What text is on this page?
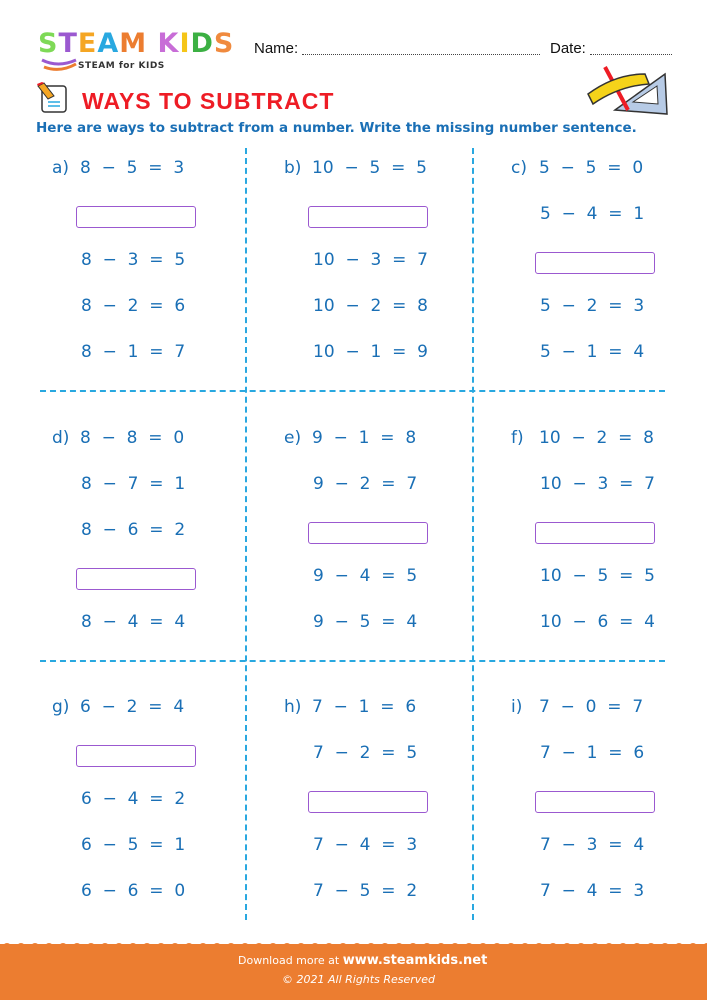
STEAM KIDS
STEAM for KIDS
Name:	Date:
WAYS TO SUBTRACT
Here are ways to subtract from a number. Write the missing number sentence.
a) 8  −  5  =  3
8  −  3  =  5
8  −  2  =  6
8  −  1  =  7
b) 10  −  5  =  5
10  −  3  =  7
10  −  2  =  8
10  −  1  =  9
c) 5  −  5  =  0
5  −  4  =  1
5  −  2  =  3
5  −  1  =  4
d) 8  −  8  =  0
8  −  7  =  1
8  −  6  =  2
8  −  4  =  4
e) 9  −  1  =  8
9  −  2  =  7
9  −  4  =  5
9  −  5  =  4
f) 10  −  2  =  8
10  −  3  =  7
10  −  5  =  5
10  −  6  =  4
g) 6  −  2  =  4
6  −  4  =  2
6  −  5  =  1
6  −  6  =  0
h) 7  −  1  =  6
7  −  2  =  5
7  −  4  =  3
7  −  5  =  2
i) 7  −  0  =  7
7  −  1  =  6
7  −  3  =  4
7  −  4  =  3
Download more at www.steamkids.net
© 2021 All Rights Reserved
